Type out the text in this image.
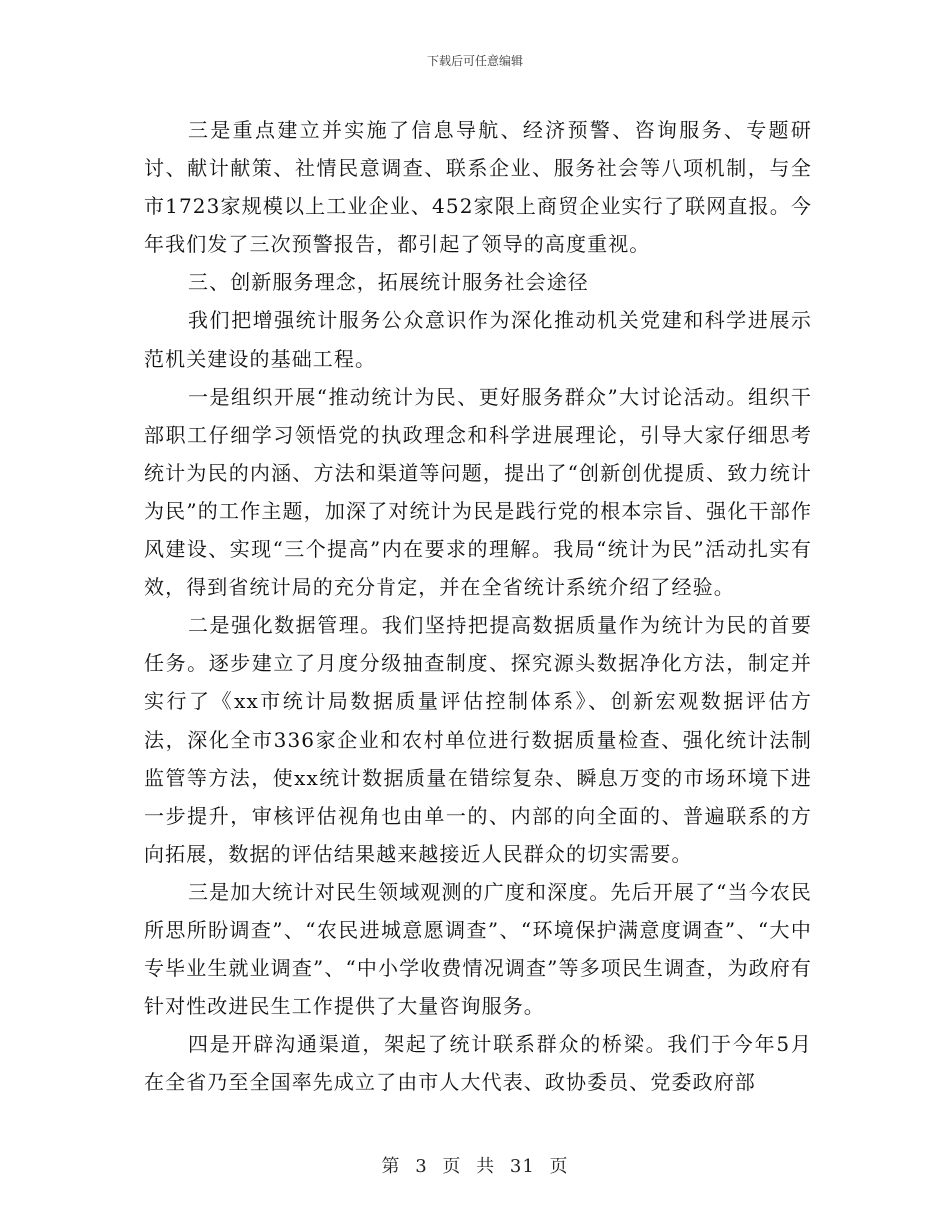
下载后可任意编辑

三是重点建立并实施了信息导航、经济预警、咨询服务、专题研讨、献计献策、社情民意调查、联系企业、服务社会等八项机制，与全市1723家规模以上工业企业、452家限上商贸企业实行了联网直报。今年我们发了三次预警报告，都引起了领导的高度重视。

三、创新服务理念，拓展统计服务社会途径

我们把增强统计服务公众意识作为深化推动机关党建和科学进展示范机关建设的基础工程。

一是组织开展“推动统计为民、更好服务群众”大讨论活动。组织干部职工仔细学习领悟党的执政理念和科学进展理论，引导大家仔细思考统计为民的内涵、方法和渠道等问题，提出了“创新创优提质、致力统计为民”的工作主题，加深了对统计为民是践行党的根本宗旨、强化干部作风建设、实现“三个提高”内在要求的理解。我局“统计为民”活动扎实有效，得到省统计局的充分肯定，并在全省统计系统介绍了经验。

二是强化数据管理。我们坚持把提高数据质量作为统计为民的首要任务。逐步建立了月度分级抽查制度、探究源头数据净化方法，制定并实行了《xx市统计局数据质量评估控制体系》、创新宏观数据评估方法，深化全市336家企业和农村单位进行数据质量检查、强化统计法制监管等方法，使xx统计数据质量在错综复杂、瞬息万变的市场环境下进一步提升，审核评估视角也由单一的、内部的向全面的、普遍联系的方向拓展，数据的评估结果越来越接近人民群众的切实需要。

三是加大统计对民生领域观测的广度和深度。先后开展了“当今农民所思所盼调查”、“农民进城意愿调查”、“环境保护满意度调查”、“大中专毕业生就业调查”、“中小学收费情况调查”等多项民生调查，为政府有针对性改进民生工作提供了大量咨询服务。

四是开辟沟通渠道，架起了统计联系群众的桥梁。我们于今年5月在全省乃至全国率先成立了由市人大代表、政协委员、党委政府部

第 3 页 共 31 页
